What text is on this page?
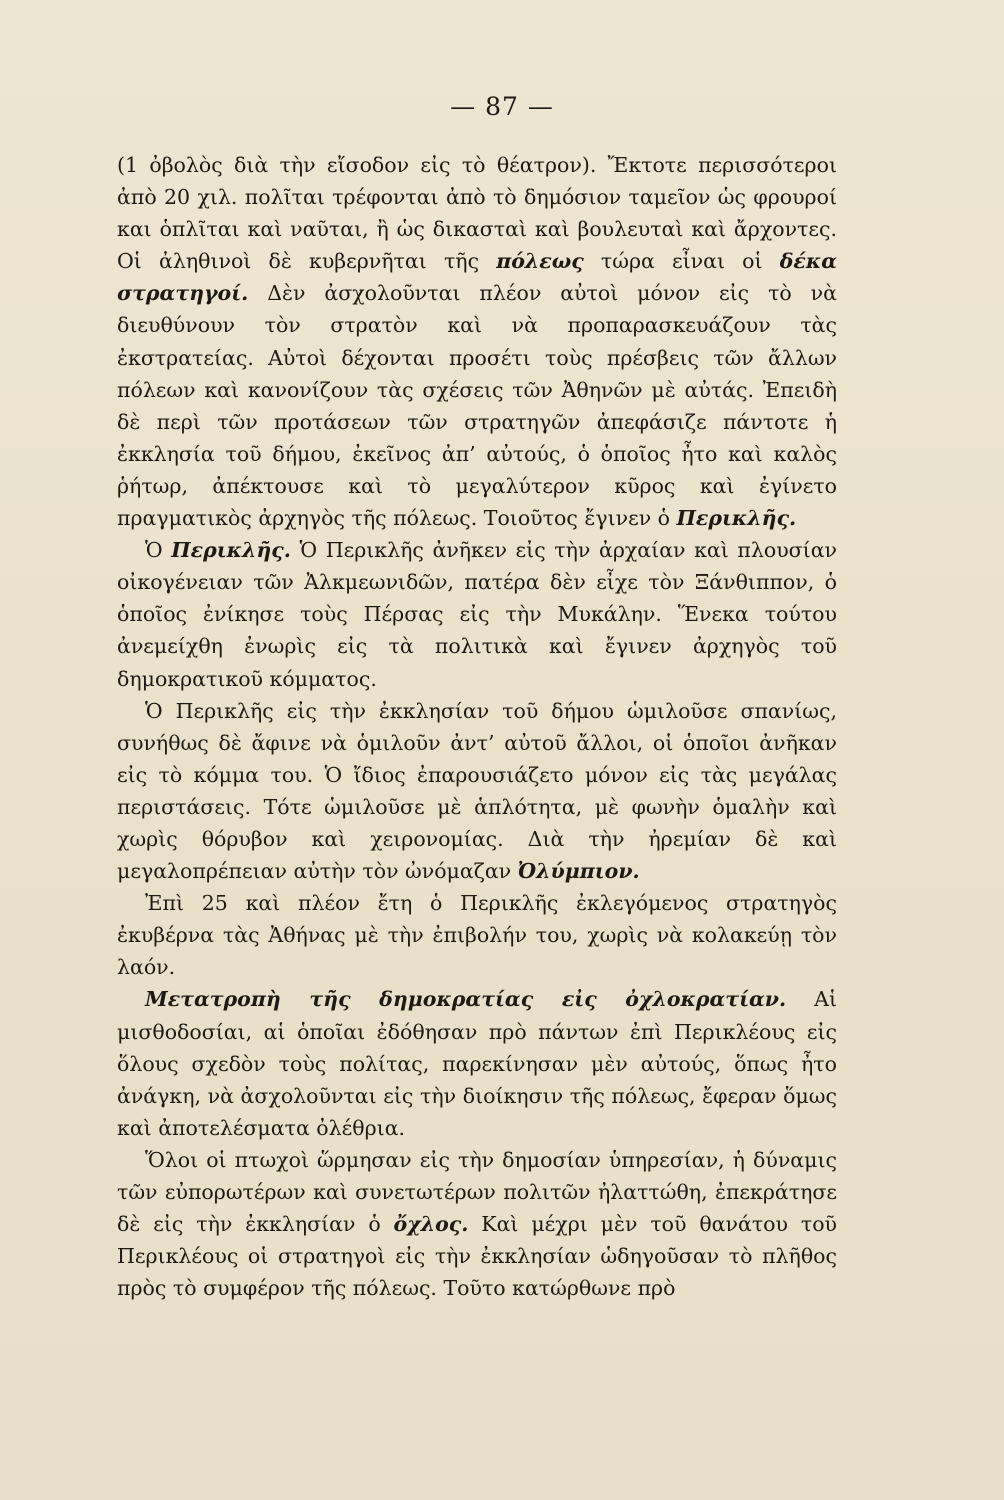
— 87 —

(1 ὀβολὸς διὰ τὴν εἴσοδον εἰς τὸ θέατρον). Ἔκτοτε περισσότεροι ἀπὸ 20 χιλ. πολῖται τρέφονται ἀπὸ τὸ δημόσιον ταμεῖον ὡς φρουροί και ὁπλῖται καὶ ναῦται, ἢ ὡς δικασταὶ καὶ βουλευταὶ καὶ ἄρχοντες. Οἱ ἀληθινοὶ δὲ κυβερνῆται τῆς πόλεως τώρα εἶναι οἱ δέκα στρατηγοί. Δὲν ἀσχολοῦνται πλέον αὐτοὶ μόνον εἰς τὸ νὰ διευθύνουν τὸν στρατὸν καὶ νὰ προπαρασκευάζουν τὰς ἐκστρατείας. Αὐτοὶ δέχονται προσέτι τοὺς πρέσβεις τῶν ἄλλων πόλεων καὶ κανονίζουν τὰς σχέσεις τῶν Ἀθηνῶν μὲ αὐτάς. Ἐπειδὴ δὲ περὶ τῶν προτάσεων τῶν στρατηγῶν ἀπεφάσιζε πάντοτε ἡ ἐκκλησία τοῦ δήμου, ἐκεῖνος ἀπ’ αὐτούς, ὁ ὁποῖος ἦτο καὶ καλὸς ῥήτωρ, ἀπέκτουσε καὶ τὸ μεγαλύτερον κῦρος καὶ ἐγίνετο πραγματικὸς ἀρχηγὸς τῆς πόλεως. Τοιοῦτος ἔγινεν ὁ Περικλῆς.

Ὁ Περικλῆς. Ὁ Περικλῆς ἀνῆκεν εἰς τὴν ἀρχαίαν καὶ πλουσίαν οἰκογένειαν τῶν Ἀλκμεωνιδῶν, πατέρα δὲν εἶχε τὸν Ξάνθιππον, ὁ ὁποῖος ἐνίκησε τοὺς Πέρσας εἰς τὴν Μυκάλην. Ἕνεκα τούτου ἀνεμείχθη ἐνωρὶς εἰς τὰ πολιτικὰ καὶ ἔγινεν ἀρχηγὸς τοῦ δημοκρατικοῦ κόμματος.

Ὁ Περικλῆς εἰς τὴν ἐκκλησίαν τοῦ δήμου ὡμιλοῦσε σπανίως, συνήθως δὲ ἄφινε νὰ ὁμιλοῦν ἀντ’ αὐτοῦ ἄλλοι, οἱ ὁποῖοι ἀνῆκαν εἰς τὸ κόμμα του. Ὁ ἴδιος ἐπαρουσιάζετο μόνον εἰς τὰς μεγάλας περιστάσεις. Τότε ὡμιλοῦσε μὲ ἁπλότητα, μὲ φωνὴν ὁμαλὴν καὶ χωρὶς θόρυβον καὶ χειρονομίας. Διὰ τὴν ἠρεμίαν δὲ καὶ μεγαλοπρέπειαν αὐτὴν τὸν ὠνόμαζαν Ὀλύμπιον.

Ἐπὶ 25 καὶ πλέον ἔτη ὁ Περικλῆς ἐκλεγόμενος στρατηγὸς ἐκυβέρνα τὰς Ἀθήνας μὲ τὴν ἐπιβολήν του, χωρὶς νὰ κολακεύῃ τὸν λαόν.

Μετατροπὴ τῆς δημοκρατίας εἰς ὀχλοκρατίαν. Αἱ μισθοδοσίαι, αἱ ὁποῖαι ἐδόθησαν πρὸ πάντων ἐπὶ Περικλέους εἰς ὅλους σχεδὸν τοὺς πολίτας, παρεκίνησαν μὲν αὐτούς, ὅπως ἦτο ἀνάγκη, νὰ ἀσχολοῦνται εἰς τὴν διοίκησιν τῆς πόλεως, ἔφεραν ὅμως καὶ ἀποτελέσματα ὀλέθρια.

Ὅλοι οἱ πτωχοὶ ὥρμησαν εἰς τὴν δημοσίαν ὑπηρεσίαν, ἡ δύναμις τῶν εὐπορωτέρων καὶ συνετωτέρων πολιτῶν ἠλαττώθη, ἐπεκράτησε δὲ εἰς τὴν ἐκκλησίαν ὁ ὄχλος. Καὶ μέχρι μὲν τοῦ θανάτου τοῦ Περικλέους οἱ στρατηγοὶ εἰς τὴν ἐκκλησίαν ὡδηγοῦσαν τὸ πλῆθος πρὸς τὸ συμφέρον τῆς πόλεως. Τοῦτο κατώρθωνε πρὸ
